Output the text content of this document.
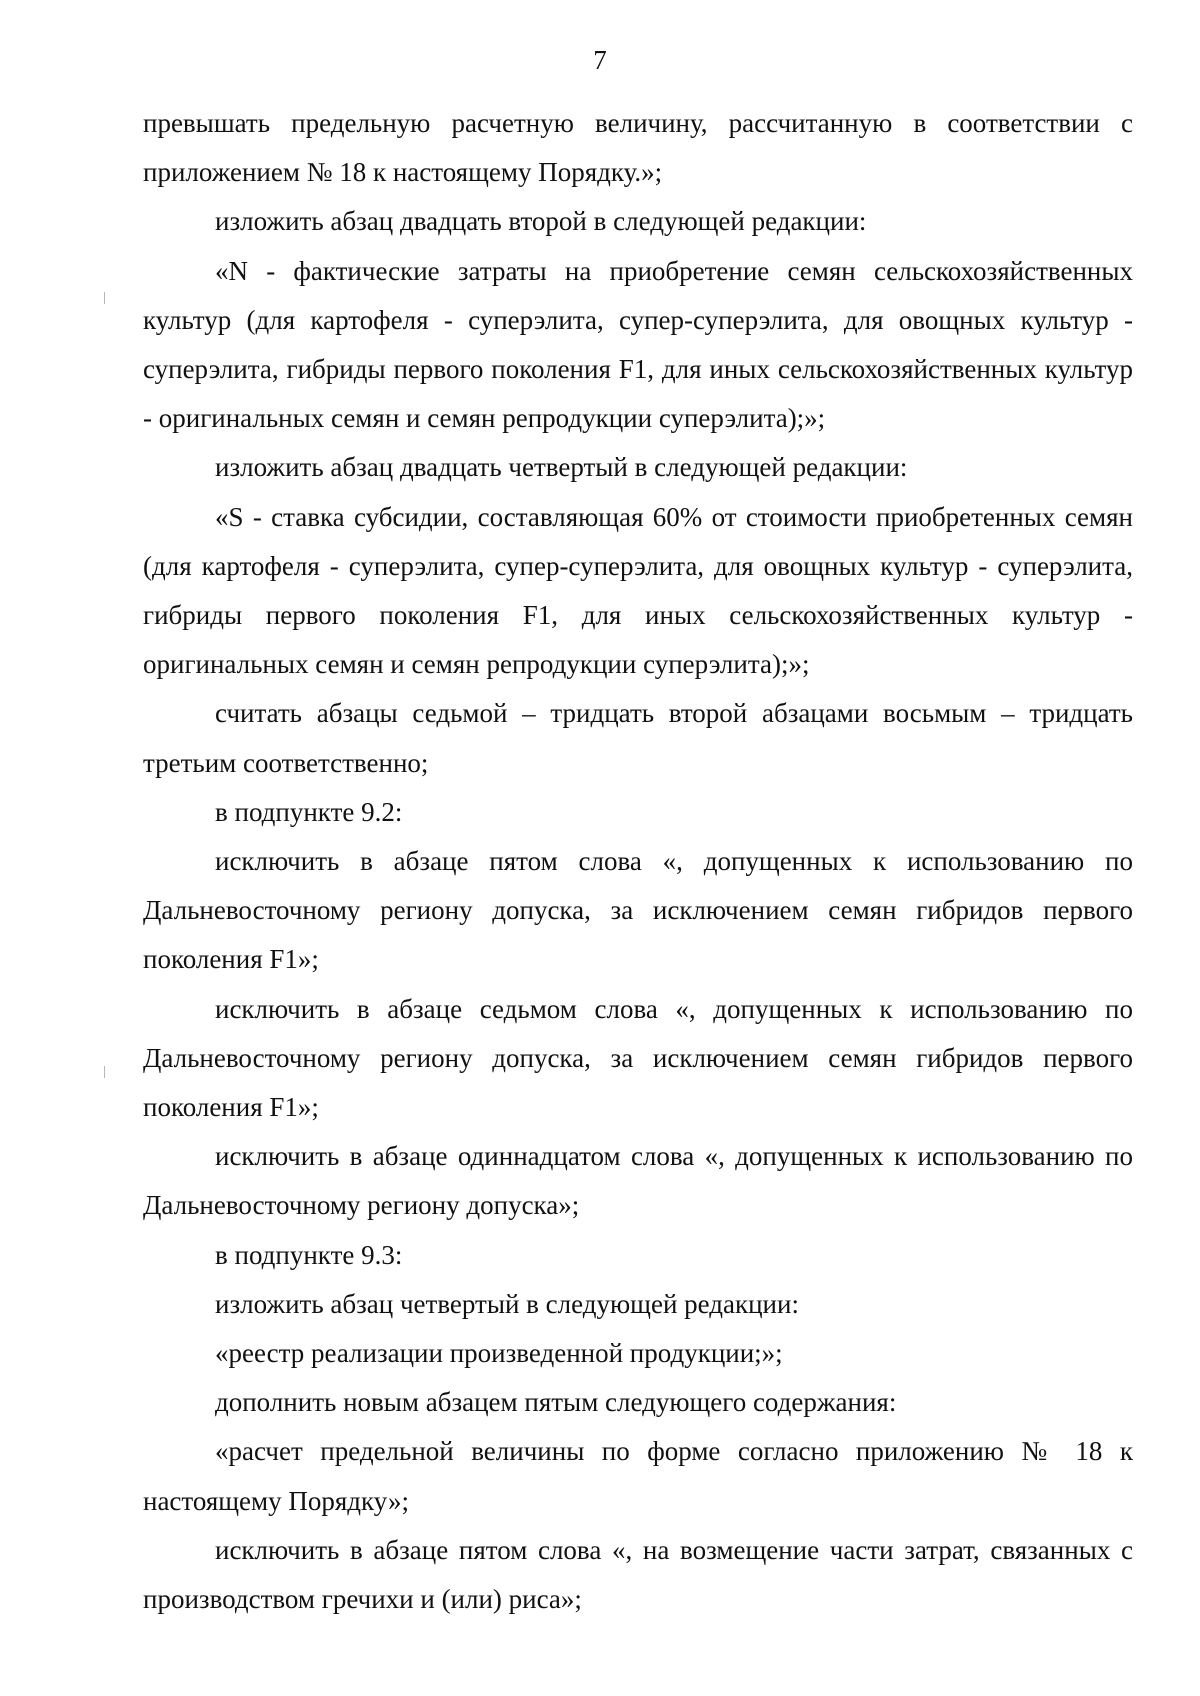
7

превышать предельную расчетную величину, рассчитанную в соответствии с приложением № 18 к настоящему Порядку.»;

изложить абзац двадцать второй в следующей редакции:

«N - фактические затраты на приобретение семян сельскохозяйственных культур (для картофеля - суперэлита, супер-суперэлита, для овощных культур - суперэлита, гибриды первого поколения F1, для иных сельскохозяйственных культур - оригинальных семян и семян репродукции суперэлита);»;

изложить абзац двадцать четвертый в следующей редакции:

«S - ставка субсидии, составляющая 60% от стоимости приобретенных семян (для картофеля - суперэлита, супер-суперэлита, для овощных культур - суперэлита, гибриды первого поколения F1, для иных сельскохозяйственных культур - оригинальных семян и семян репродукции суперэлита);»;

считать абзацы седьмой – тридцать второй абзацами восьмым – тридцать третьим соответственно;

в подпункте 9.2:

исключить в абзаце пятом слова «, допущенных к использованию по Дальневосточному региону допуска, за исключением семян гибридов первого поколения F1»;

исключить в абзаце седьмом слова «, допущенных к использованию по Дальневосточному региону допуска, за исключением семян гибридов первого поколения F1»;

исключить в абзаце одиннадцатом слова «, допущенных к использованию по Дальневосточному региону допуска»;

в подпункте 9.3:

изложить абзац четвертый в следующей редакции:

«реестр реализации произведенной продукции;»;

дополнить новым абзацем пятым следующего содержания:

«расчет предельной величины по форме согласно приложению № 18 к настоящему Порядку»;

исключить в абзаце пятом слова «, на возмещение части затрат, связанных с производством гречихи и (или) риса»;
